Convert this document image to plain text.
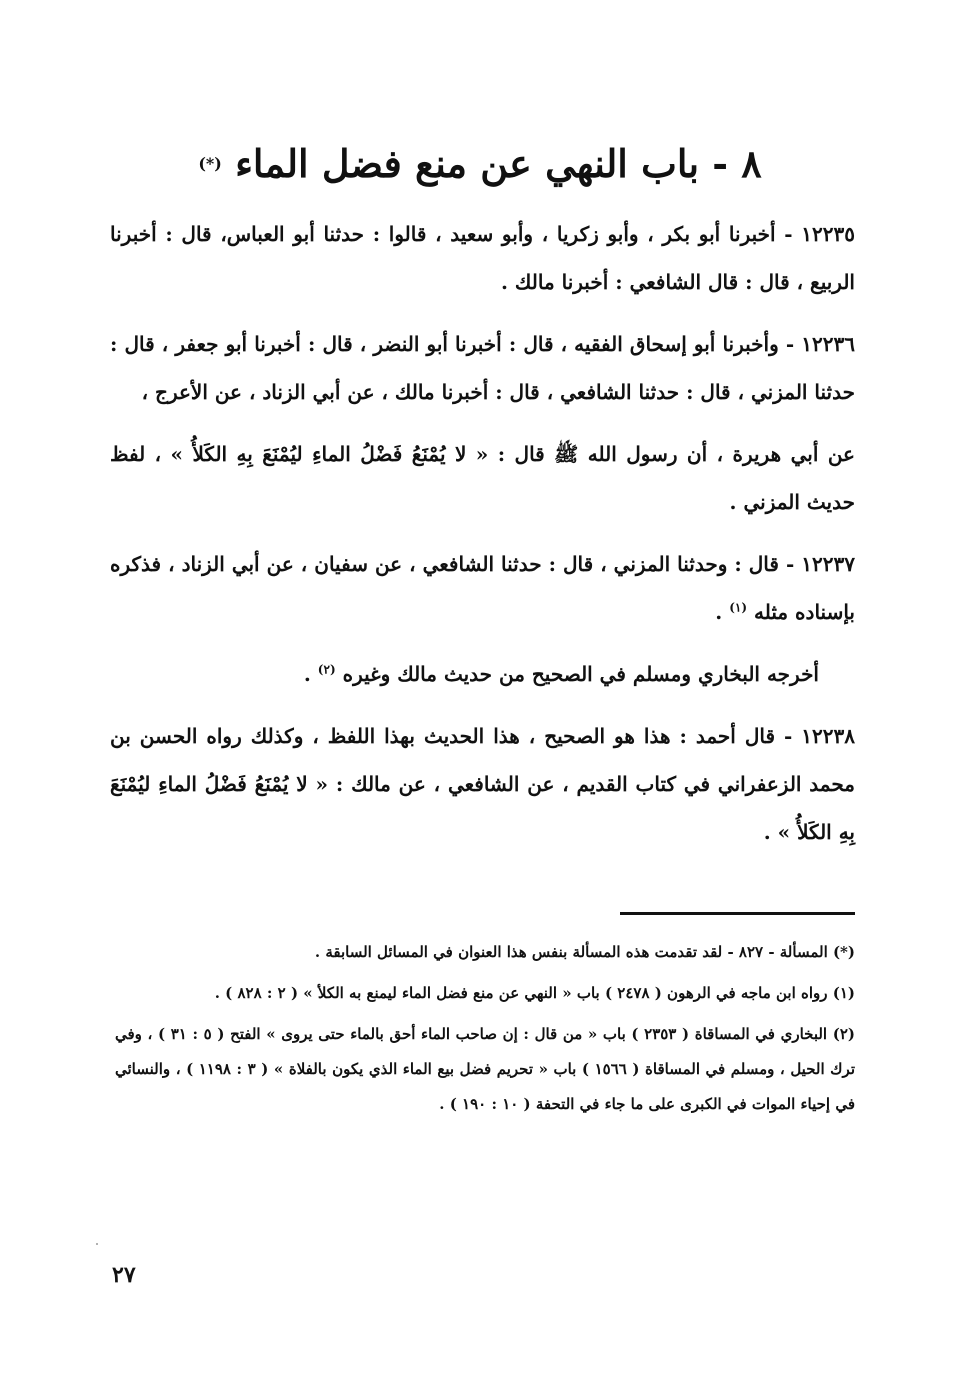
٨ - باب النهي عن منع فضل الماء (*)

١٢٢٣٥ - أخبرنا أبو بكر ، وأبو زكريا ، وأبو سعيد ، قالوا : حدثنا أبو العباس، قال : أخبرنا الربيع ، قال : قال الشافعي : أخبرنا مالك .

١٢٢٣٦ - وأخبرنا أبو إسحاق الفقيه ، قال : أخبرنا أبو النضر ، قال : أخبرنا أبو جعفر ، قال : حدثنا المزني ، قال : حدثنا الشافعي ، قال : أخبرنا مالك ، عن أبي الزناد ، عن الأعرج ،

عن أبي هريرة ، أن رسول الله ﷺ قال : « لا يُمْنَعُ فَضْلُ الماءِ ليُمْنَعَ بِهِ الكَلأُ » ، لفظ حديث المزني .

١٢٢٣٧ - قال : وحدثنا المزني ، قال : حدثنا الشافعي ، عن سفيان ، عن أبي الزناد ، فذكره بإسناده مثله $^{(١)}$ .

أخرجه البخاري ومسلم في الصحيح من حديث مالك وغيره $^{(٢)}$ .

١٢٢٣٨ - قال أحمد : هذا هو الصحيح ، هذا الحديث بهذا اللفظ ، وكذلك رواه الحسن بن محمد الزعفراني في كتاب القديم ، عن الشافعي ، عن مالك : « لا يُمْنَعُ فَضْلُ الماءِ ليُمْنَعَ بِهِ الكَلأُ » .

(*) المسألة - ٨٢٧ - لقد تقدمت هذه المسألة بنفس هذا العنوان في المسائل السابقة .

(١) رواه ابن ماجه في الرهون ( ٢٤٧٨ ) باب « النهي عن منع فضل الماء ليمنع به الكلأ » ( ٢ : ٨٢٨ ) .

(٢) البخاري في المساقاة ( ٢٣٥٣ ) باب « من قال : إن صاحب الماء أحق بالماء حتى يروى » الفتح ( ٥ : ٣١ ) ، وفي ترك الحيل ، ومسلم في المساقاة ( ١٥٦٦ ) باب « تحريم فضل بيع الماء الذي يكون بالفلاة » ( ٣ : ١١٩٨ ) ، والنسائي في إحياء الموات في الكبرى على ما جاء في التحفة ( ١٠ : ١٩٠ ) .

٢٧
